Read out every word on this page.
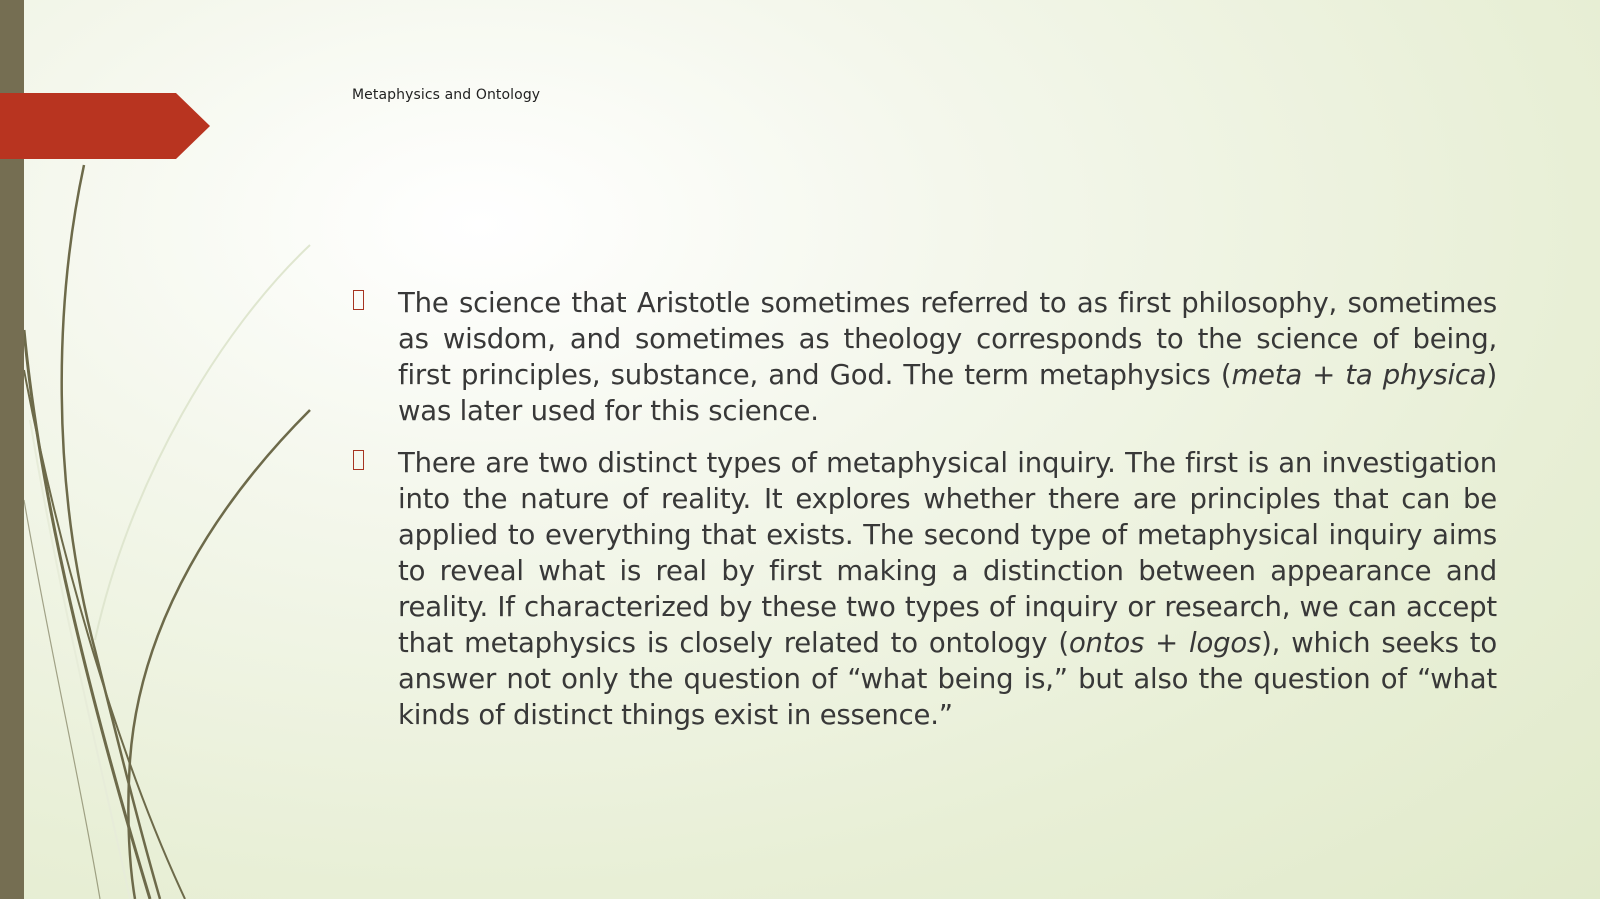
Metaphysics and Ontology
The science that Aristotle sometimes referred to as first philosophy, sometimes as wisdom, and sometimes as theology corresponds to the science of being, first principles, substance, and God. The term metaphysics (meta + ta physica) was later used for this science.
There are two distinct types of metaphysical inquiry. The first is an investigation into the nature of reality. It explores whether there are principles that can be applied to everything that exists. The second type of metaphysical inquiry aims to reveal what is real by first making a distinction between appearance and reality. If characterized by these two types of inquiry or research, we can accept that metaphysics is closely related to ontology (ontos + logos), which seeks to answer not only the question of “what being is,” but also the question of “what kinds of distinct things exist in essence.”
